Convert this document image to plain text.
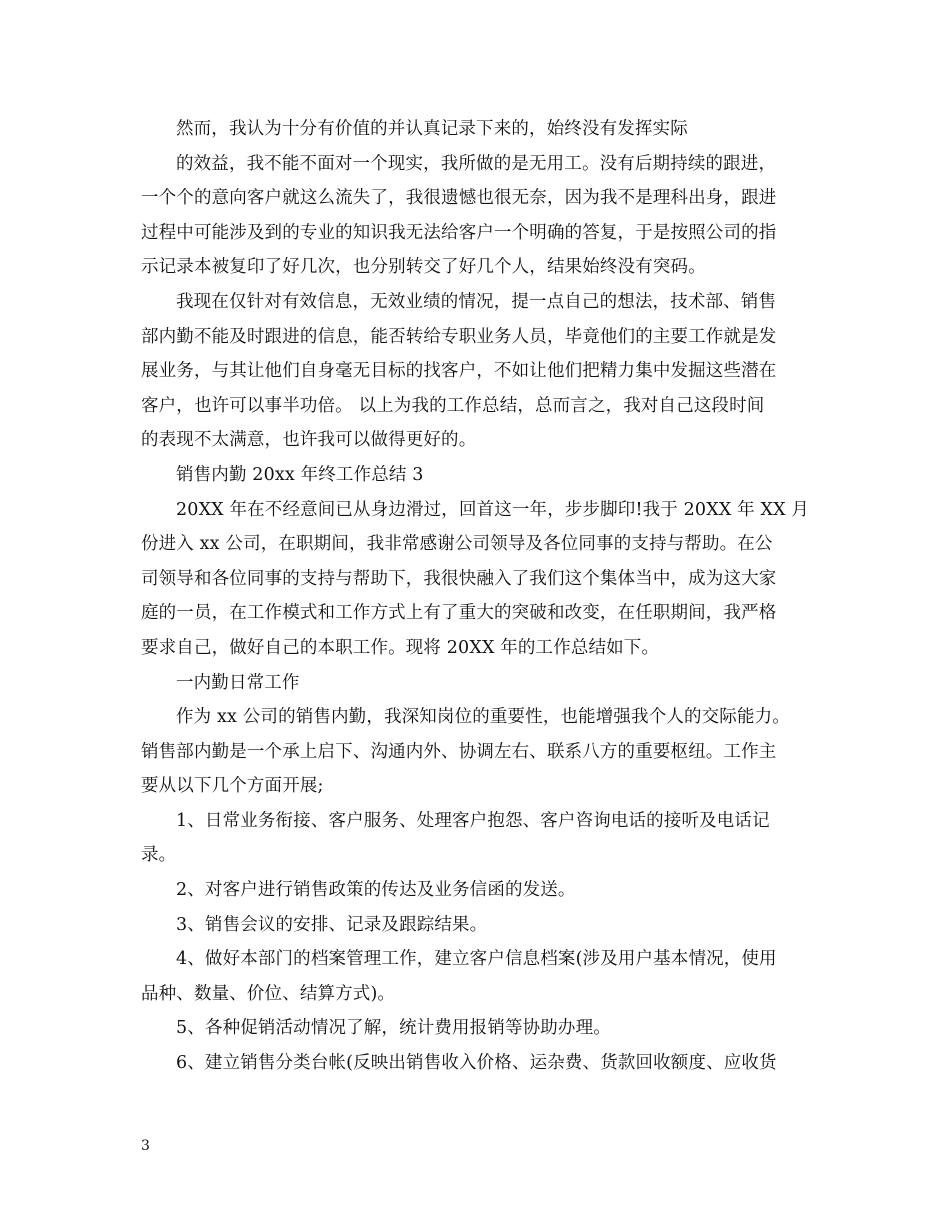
然而，我认为十分有价值的并认真记录下来的，始终没有发挥实际
的效益，我不能不面对一个现实，我所做的是无用工。没有后期持续的跟进，
一个个的意向客户就这么流失了，我很遗憾也很无奈，因为我不是理科出身，跟进
过程中可能涉及到的专业的知识我无法给客户一个明确的答复，于是按照公司的指
示记录本被复印了好几次，也分别转交了好几个人，结果始终没有突码。
我现在仅针对有效信息，无效业绩的情况，提一点自己的想法，技术部、销售
部内勤不能及时跟进的信息，能否转给专职业务人员，毕竟他们的主要工作就是发
展业务，与其让他们自身毫无目标的找客户，不如让他们把精力集中发掘这些潜在
客户，也许可以事半功倍。 以上为我的工作总结，总而言之，我对自己这段时间
的表现不太满意，也许我可以做得更好的。
销售内勤 20xx 年终工作总结 3
20XX 年在不经意间已从身边滑过，回首这一年，步步脚印!我于 20XX 年 XX 月
份进入 xx 公司，在职期间，我非常感谢公司领导及各位同事的支持与帮助。在公
司领导和各位同事的支持与帮助下，我很快融入了我们这个集体当中，成为这大家
庭的一员，在工作模式和工作方式上有了重大的突破和改变，在任职期间，我严格
要求自己，做好自己的本职工作。现将 20XX 年的工作总结如下。
一内勤日常工作
作为 xx 公司的销售内勤，我深知岗位的重要性，也能增强我个人的交际能力。
销售部内勤是一个承上启下、沟通内外、协调左右、联系八方的重要枢纽。工作主
要从以下几个方面开展;
1、日常业务衔接、客户服务、处理客户抱怨、客户咨询电话的接听及电话记
录。
2、对客户进行销售政策的传达及业务信函的发送。
3、销售会议的安排、记录及跟踪结果。
4、做好本部门的档案管理工作，建立客户信息档案(涉及用户基本情况，使用
品种、数量、价位、结算方式)。
5、各种促销活动情况了解，统计费用报销等协助办理。
6、建立销售分类台帐(反映出销售收入价格、运杂费、货款回收额度、应收货
3
